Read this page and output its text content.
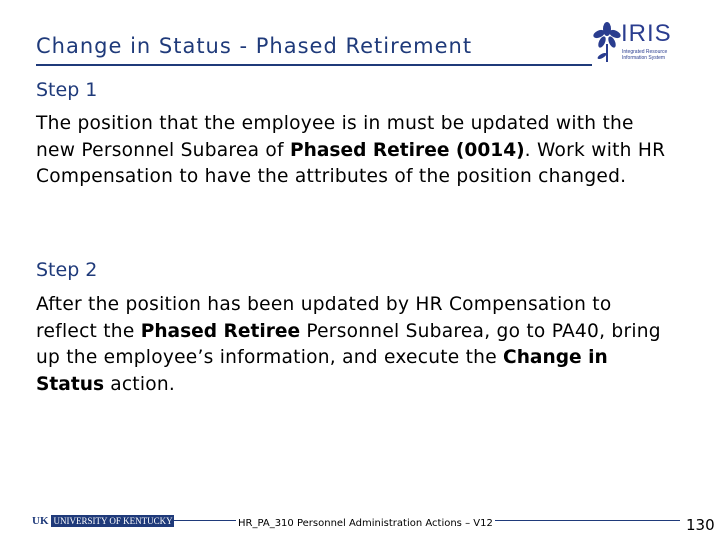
Change in Status - Phased Retirement	IRIS
Integrated Resource Information System
Step 1
The position that the employee is in must be updated with the new Personnel Subarea of Phased Retiree (0014). Work with HR Compensation to have the attributes of the position changed.
Step 2
After the position has been updated by HR Compensation to reflect the Phased Retiree Personnel Subarea, go to PA40, bring up the employee’s information, and execute the Change in Status action.
UK UNIVERSITY OF KENTUCKY	HR_PA_310 Personnel Administration Actions – V12	130
